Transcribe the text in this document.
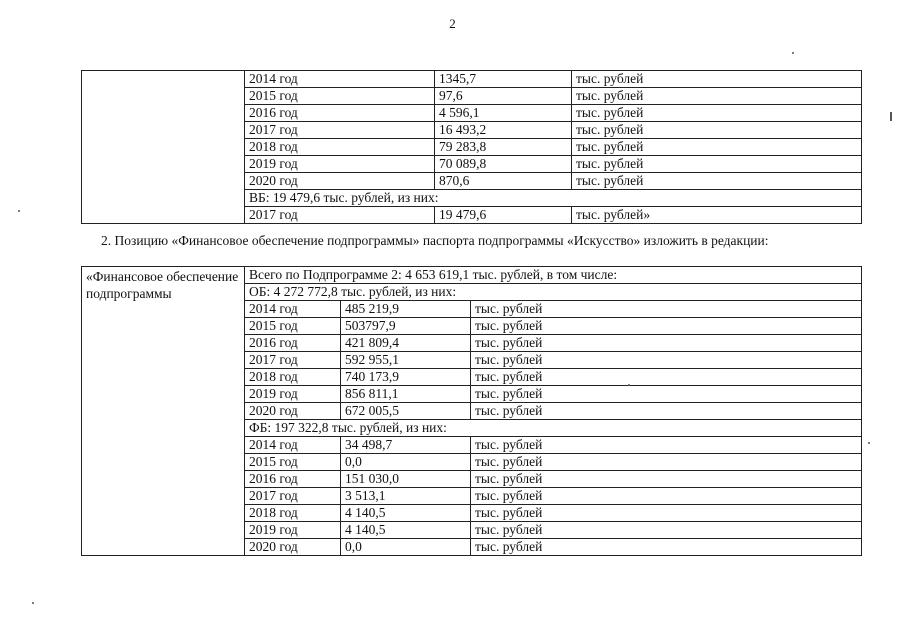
2
	2014 год	1345,7	тыс. рублей
	2015 год	97,6	тыс. рублей
	2016 год	4 596,1	тыс. рублей
	2017 год	16 493,2	тыс. рублей
	2018 год	79 283,8	тыс. рублей
	2019 год	70 089,8	тыс. рублей
	2020 год	870,6	тыс. рублей
	ВБ: 19 479,6 тыс. рублей, из них:		
	2017 год	19 479,6	тыс. рублей»
2. Позицию «Финансовое обеспечение подпрограммы» паспорта подпрограммы «Искусство» изложить в редакции:
«Финансовое обеспечение подпрограммы	Всего по Подпрограмме 2: 4 653 619,1 тыс. рублей, в том числе:		
	ОБ: 4 272 772,8 тыс. рублей, из них:		
	2014 год	485 219,9	тыс. рублей
	2015 год	503797,9	тыс. рублей
	2016 год	421 809,4	тыс. рублей
	2017 год	592 955,1	тыс. рублей
	2018 год	740 173,9	тыс. рублей
	2019 год	856 811,1	тыс. рублей
	2020 год	672 005,5	тыс. рублей
	ФБ: 197 322,8 тыс. рублей, из них:		
	2014 год	34 498,7	тыс. рублей
	2015 год	0,0	тыс. рублей
	2016 год	151 030,0	тыс. рублей
	2017 год	3 513,1	тыс. рублей
	2018 год	4 140,5	тыс. рублей
	2019 год	4 140,5	тыс. рублей
	2020 год	0,0	тыс. рублей
